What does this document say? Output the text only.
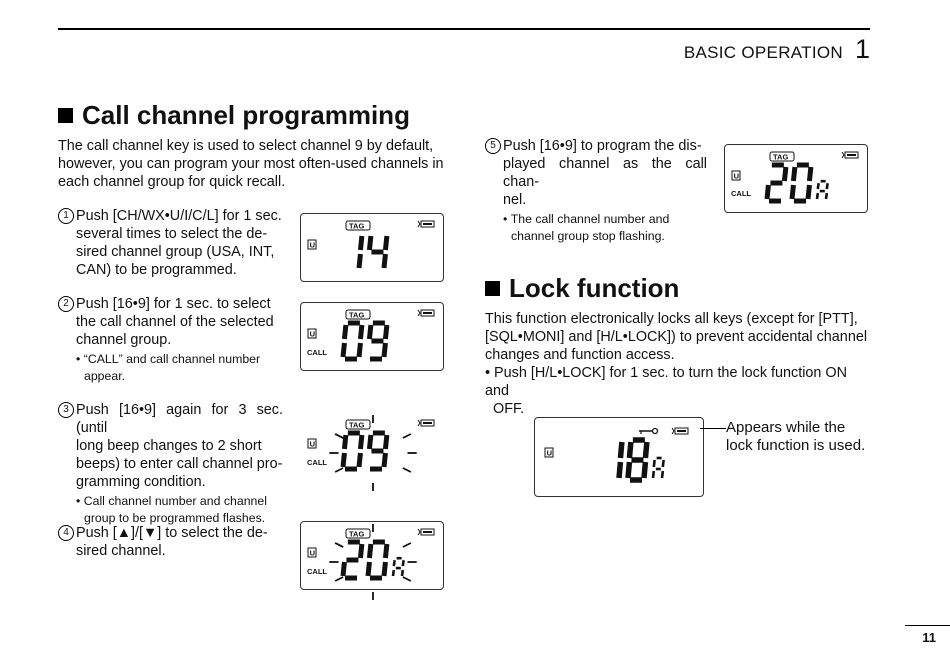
BASIC OPERATION 1
Call channel programming

The call channel key is used to select channel 9 by default,
however, you can program your most often-used channels in
each channel group for quick recall.

1 Push [CH/WX•U/I/C/L] for 1 sec.
several times to select the de-
sired channel group (USA, INT,
CAN) to be programmed.
2 Push [16•9] for 1 sec. to select
the call channel of the selected
channel group.
• “CALL” and call channel number
appear.
3 Push [16•9] again for 3 sec. (until
long beep changes to 2 short
beeps) to enter call channel pro-
gramming condition.
• Call channel number and channel
group to be programmed flashes.
4 Push [▲]/[▼] to select the de-
sired channel.
5 Push [16•9] to program the dis-
played channel as the call chan-
nel.
• The call channel number and
channel group stop flashing.
Lock function

This function electronically locks all keys (except for [PTT],
[SQL•MONI] and [H/L•LOCK]) to prevent accidental channel
changes and function access.

• Push [H/L•LOCK] for 1 sec. to turn the lock function ON and
OFF.
U
TAG
U
CALL
TAG
U
CALL
TAG
U
CALL
TAG
U
CALL
TAG
U
Appears while the
lock function is used.
11
